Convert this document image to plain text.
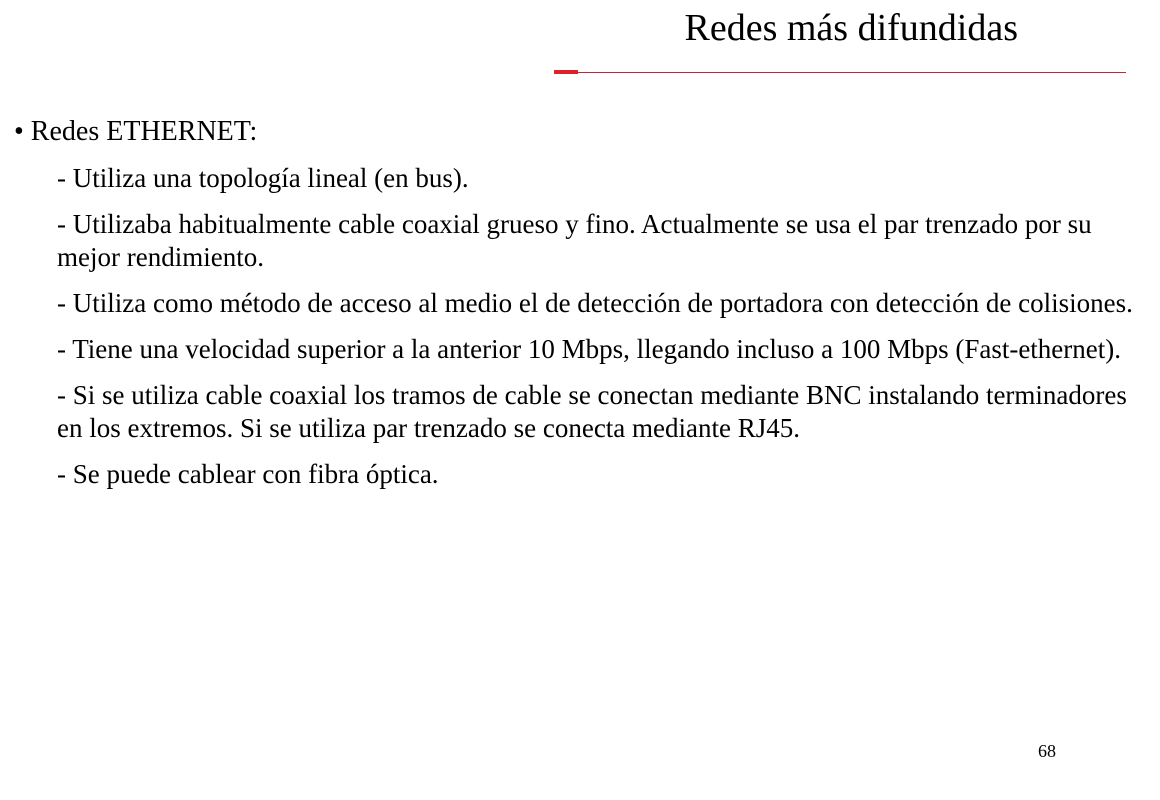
Redes más difundidas
• Redes ETHERNET:
- Utiliza una topología lineal (en bus).
- Utilizaba habitualmente cable coaxial grueso y fino. Actualmente se usa el par trenzado por su mejor rendimiento.
- Utiliza como método de acceso al medio el de detección de portadora con detección de colisiones.
- Tiene una velocidad superior a la anterior 10 Mbps, llegando incluso a 100 Mbps (Fast-ethernet).
- Si se utiliza cable coaxial los tramos de cable se conectan mediante BNC instalando terminadores en los extremos. Si se utiliza par trenzado se conecta mediante RJ45.
- Se puede cablear con fibra óptica.
68
